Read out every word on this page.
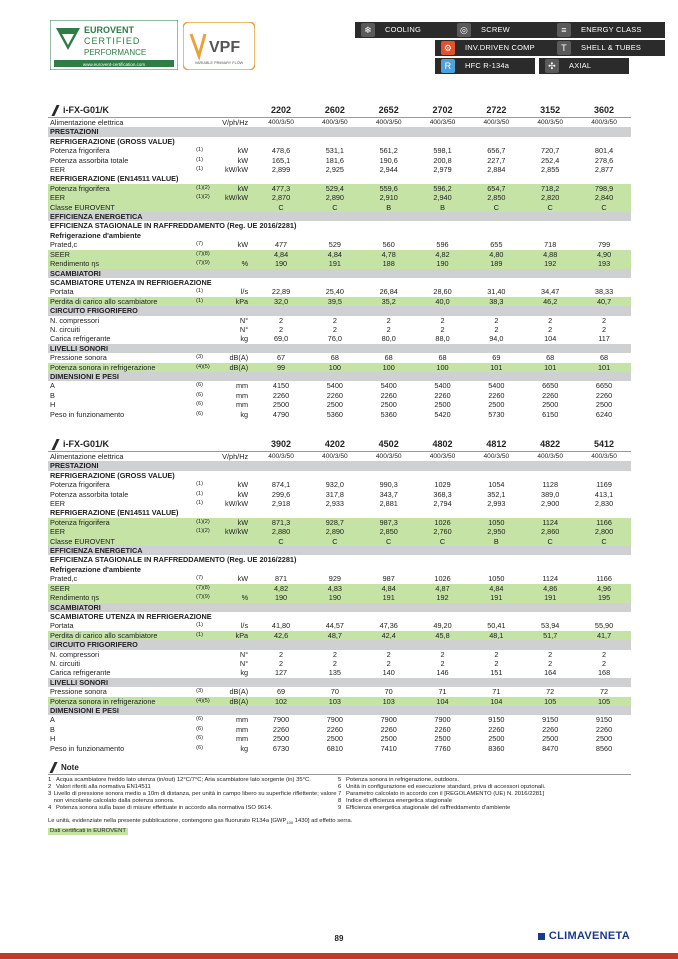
EUROVENT
CERTIFIED
PERFORMANCE
www.eurovent-certification.com
VPF
VARIABLE PRIMARY FLOW
❄	COOLING	◎	SCREW	≡	ENERGY CLASS
⚙	INV.DRIVEN COMP	T	SHELL & TUBES
R	HFC R-134a	✣	AXIAL
i-FX-G01/K			2202	2602	2652	2702	2722	3152	3602
Alimentazione elettrica		V/ph/Hz	400/3/50	400/3/50	400/3/50	400/3/50	400/3/50	400/3/50	400/3/50
PRESTAZIONI									
REFRIGERAZIONE (GROSS VALUE)									
Potenza frigorifera	(1)	kW	478,6	531,1	561,2	598,1	656,7	720,7	801,4
Potenza assorbita totale	(1)	kW	165,1	181,6	190,6	200,8	227,7	252,4	278,6
EER	(1)	kW/kW	2,899	2,925	2,944	2,979	2,884	2,855	2,877
REFRIGERAZIONE (EN14511 VALUE)									
Potenza frigorifera	(1)(2)	kW	477,3	529,4	559,6	596,2	654,7	718,2	798,9
EER	(1)(2)	kW/kW	2,870	2,890	2,910	2,940	2,850	2,820	2,840
Classe EUROVENT			C	C	B	B	C	C	C
EFFICIENZA ENERGETICA									
EFFICIENZA STAGIONALE IN RAFFREDDAMENTO (Reg. UE 2016/2281)									
Refrigerazione d'ambiente									
Prated,c	(7)	kW	477	529	560	596	655	718	799
SEER	(7)(8)		4,84	4,84	4,78	4,82	4,80	4,88	4,90
Rendimento ηs	(7)(9)	%	190	191	188	190	189	192	193
SCAMBIATORI									
SCAMBIATORE UTENZA IN REFRIGERAZIONE									
Portata	(1)	l/s	22,89	25,40	26,84	28,60	31,40	34,47	38,33
Perdita di carico allo scambiatore	(1)	kPa	32,0	39,5	35,2	40,0	38,3	46,2	40,7
CIRCUITO FRIGORIFERO									
N. compressori		N°	2	2	2	2	2	2	2
N. circuiti		N°	2	2	2	2	2	2	2
Carica refrigerante		kg	69,0	76,0	80,0	88,0	94,0	104	117
LIVELLI SONORI									
Pressione sonora	(3)	dB(A)	67	68	68	68	69	68	68
Potenza sonora in refrigerazione	(4)(5)	dB(A)	99	100	100	100	101	101	101
DIMENSIONI E PESI									
A	(6)	mm	4150	5400	5400	5400	5400	6650	6650
B	(6)	mm	2260	2260	2260	2260	2260	2260	2260
H	(6)	mm	2500	2500	2500	2500	2500	2500	2500
Peso in funzionamento	(6)	kg	4790	5360	5360	5420	5730	6150	6240
i-FX-G01/K			3902	4202	4502	4802	4812	4822	5412
Alimentazione elettrica		V/ph/Hz	400/3/50	400/3/50	400/3/50	400/3/50	400/3/50	400/3/50	400/3/50
PRESTAZIONI									
REFRIGERAZIONE (GROSS VALUE)									
Potenza frigorifera	(1)	kW	874,1	932,0	990,3	1029	1054	1128	1169
Potenza assorbita totale	(1)	kW	299,6	317,8	343,7	368,3	352,1	389,0	413,1
EER	(1)	kW/kW	2,918	2,933	2,881	2,794	2,993	2,900	2,830
REFRIGERAZIONE (EN14511 VALUE)									
Potenza frigorifera	(1)(2)	kW	871,3	928,7	987,3	1026	1050	1124	1166
EER	(1)(2)	kW/kW	2,880	2,890	2,850	2,760	2,950	2,860	2,800
Classe EUROVENT			C	C	C	C	B	C	C
EFFICIENZA ENERGETICA									
EFFICIENZA STAGIONALE IN RAFFREDDAMENTO (Reg. UE 2016/2281)									
Refrigerazione d'ambiente									
Prated,c	(7)	kW	871	929	987	1026	1050	1124	1166
SEER	(7)(8)		4,82	4,83	4,84	4,87	4,84	4,86	4,96
Rendimento ηs	(7)(9)	%	190	190	191	192	191	191	195
SCAMBIATORI									
SCAMBIATORE UTENZA IN REFRIGERAZIONE									
Portata	(1)	l/s	41,80	44,57	47,36	49,20	50,41	53,94	55,90
Perdita di carico allo scambiatore	(1)	kPa	42,6	48,7	42,4	45,8	48,1	51,7	41,7
CIRCUITO FRIGORIFERO									
N. compressori		N°	2	2	2	2	2	2	2
N. circuiti		N°	2	2	2	2	2	2	2
Carica refrigerante		kg	127	135	140	146	151	164	168
LIVELLI SONORI									
Pressione sonora	(3)	dB(A)	69	70	70	71	71	72	72
Potenza sonora in refrigerazione	(4)(5)	dB(A)	102	103	103	104	104	105	105
DIMENSIONI E PESI									
A	(6)	mm	7900	7900	7900	7900	9150	9150	9150
B	(6)	mm	2260	2260	2260	2260	2260	2260	2260
H	(6)	mm	2500	2500	2500	2500	2500	2500	2500
Peso in funzionamento	(6)	kg	6730	6810	7410	7760	8360	8470	8560
Note
1 Acqua scambiatore freddo lato utenza (in/out) 12°C/7°C; Aria scambiatore lato sorgente (in) 35°C.
2 Valori riferiti alla normativa EN14511
3 Livello di pressione sonora medio a 10m di distanza, per unità in campo libero su superficie riflettente; valore non vincolante calcolato dalla potenza sonora.
4 Potenza sonora sulla base di misure effettuate in accordo alla normativa ISO 9614.
5 Potenza sonora in refrigerazione, outdoors.
6 Unità in configurazione ed esecuzione standard, priva di accessori opzionali.
7 Parametro calcolato in accordo con il [REGOLAMENTO (UE) N. 2016/2281]
8 Indice di efficienza energetica stagionale
9 Efficienza energetica stagionale del raffreddamento d'ambiente
Le unità, evidenziate nella presente pubblicazione, contengono gas fluorurato R134a [$GWP_{100}$ 1430] ad effetto serra.
Dati certificati in EUROVENT
89	CLIMAVENETA
